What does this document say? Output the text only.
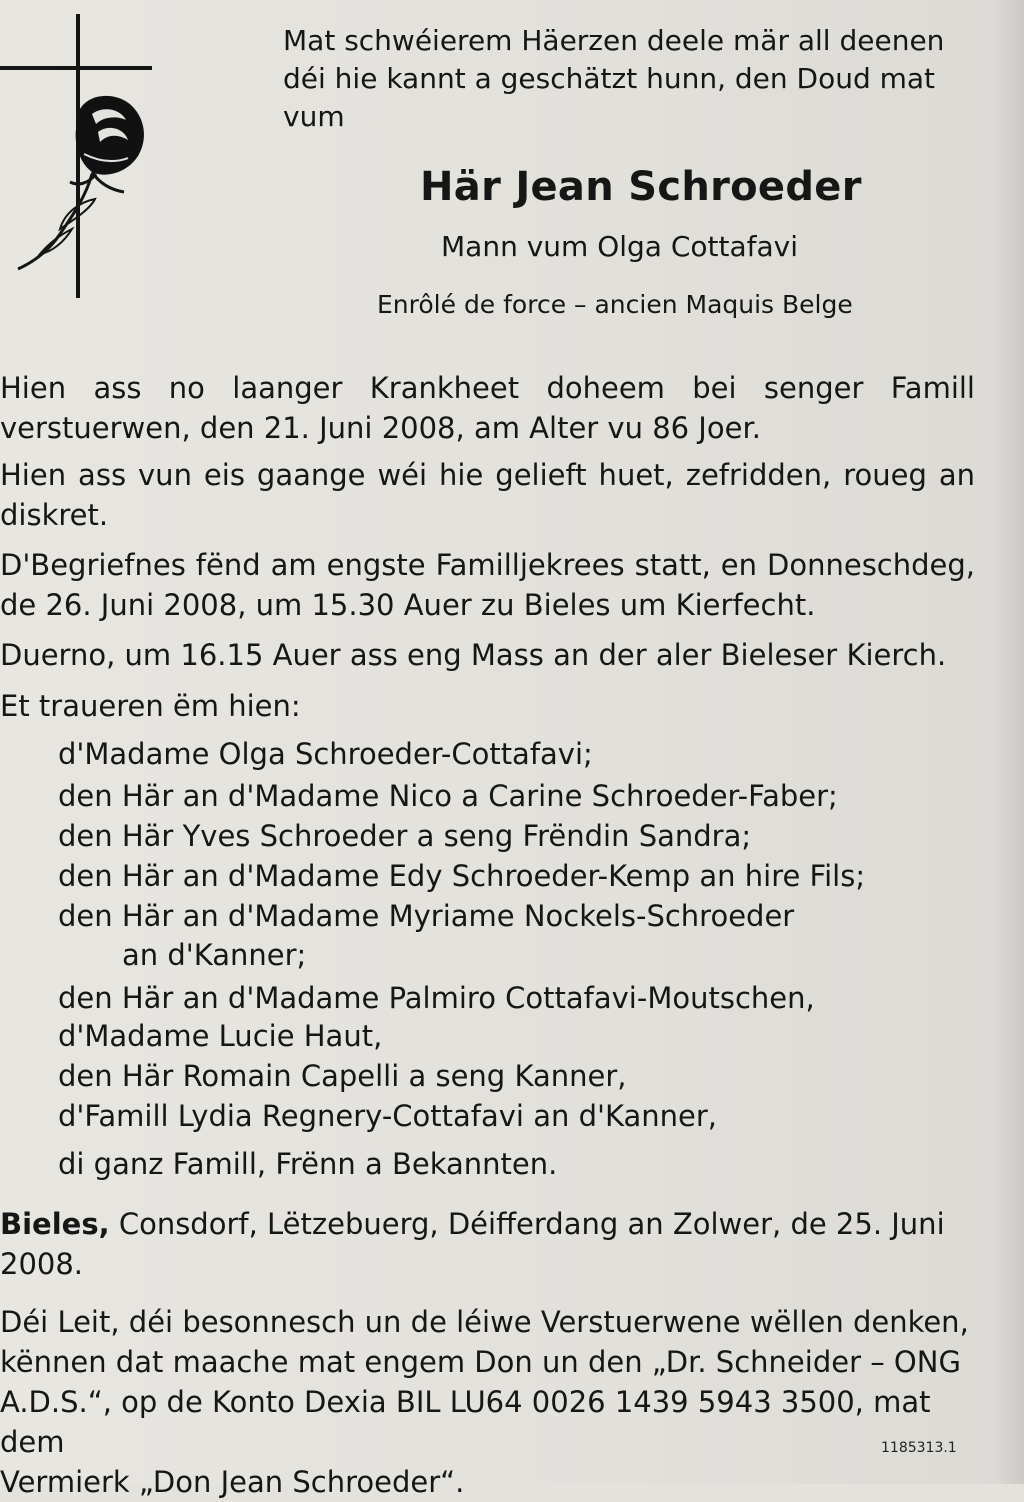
Mat schwéierem Häerzen deele mär all deenen
déi hie kannt a geschätzt hunn, den Doud mat
vum
Här Jean Schroeder
Mann vum Olga Cottafavi
Enrôlé de force – ancien Maquis Belge
Hien ass no laanger Krankheet doheem bei senger Famill
verstuerwen, den 21. Juni 2008, am Alter vu 86 Joer.
Hien ass vun eis gaange wéi hie gelieft huet, zefridden, roueg an
diskret.
D'Begriefnes fënd am engste Familljekrees statt, en Donneschdeg,
de 26. Juni 2008, um 15.30 Auer zu Bieles um Kierfecht.
Duerno, um 16.15 Auer ass eng Mass an der aler Bieleser Kierch.
Et traueren ëm hien:
d'Madame Olga Schroeder-Cottafavi;
den Här an d'Madame Nico a Carine Schroeder-Faber;
den Här Yves Schroeder a seng Frëndin Sandra;
den Här an d'Madame Edy Schroeder-Kemp an hire Fils;
den Här an d'Madame Myriame Nockels-Schroeder
an d'Kanner;
den Här an d'Madame Palmiro Cottafavi-Moutschen,
d'Madame Lucie Haut,
den Här Romain Capelli a seng Kanner,
d'Famill Lydia Regnery-Cottafavi an d'Kanner,
di ganz Famill, Frënn a Bekannten.
Bieles, Consdorf, Lëtzebuerg, Déifferdang an Zolwer, de 25. Juni
2008.
Déi Leit, déi besonnesch un de léiwe Verstuerwene wëllen denken,
kënnen dat maache mat engem Don un den „Dr. Schneider – ONG
A.D.S.“, op de Konto Dexia BIL LU64 0026 1439 5943 3500, mat dem
Vermierk „Don Jean Schroeder“.
1185313.1
